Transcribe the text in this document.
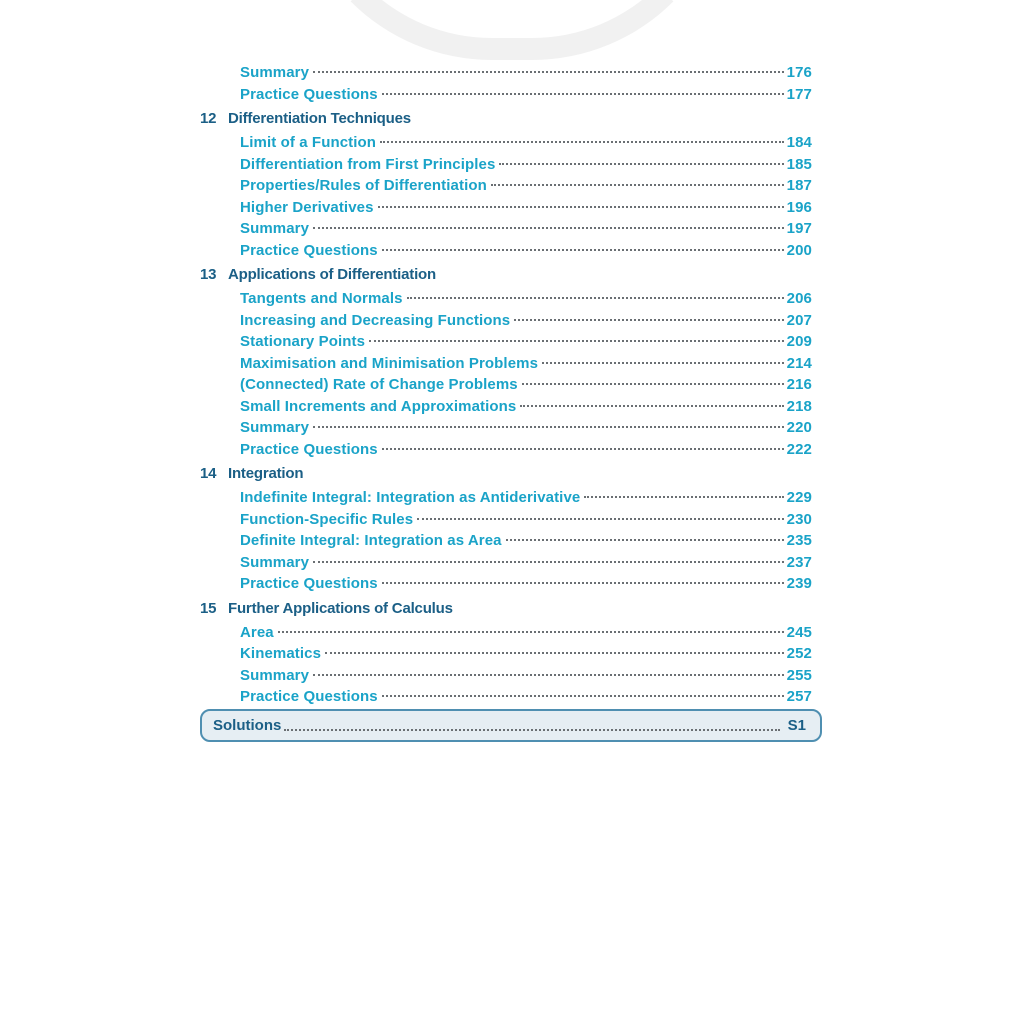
Summary	176
Practice Questions	177
12 Differentiation Techniques
Limit of a Function	184
Differentiation from First Principles	185
Properties/Rules of Differentiation	187
Higher Derivatives	196
Summary	197
Practice Questions	200
13 Applications of Differentiation
Tangents and Normals	206
Increasing and Decreasing Functions	207
Stationary Points	209
Maximisation and Minimisation Problems	214
(Connected) Rate of Change Problems	216
Small Increments and Approximations	218
Summary	220
Practice Questions	222
14 Integration
Indefinite Integral: Integration as Antiderivative	229
Function-Specific Rules	230
Definite Integral: Integration as Area	235
Summary	237
Practice Questions	239
15 Further Applications of Calculus
Area	245
Kinematics	252
Summary	255
Practice Questions	257
Solutions	S1
